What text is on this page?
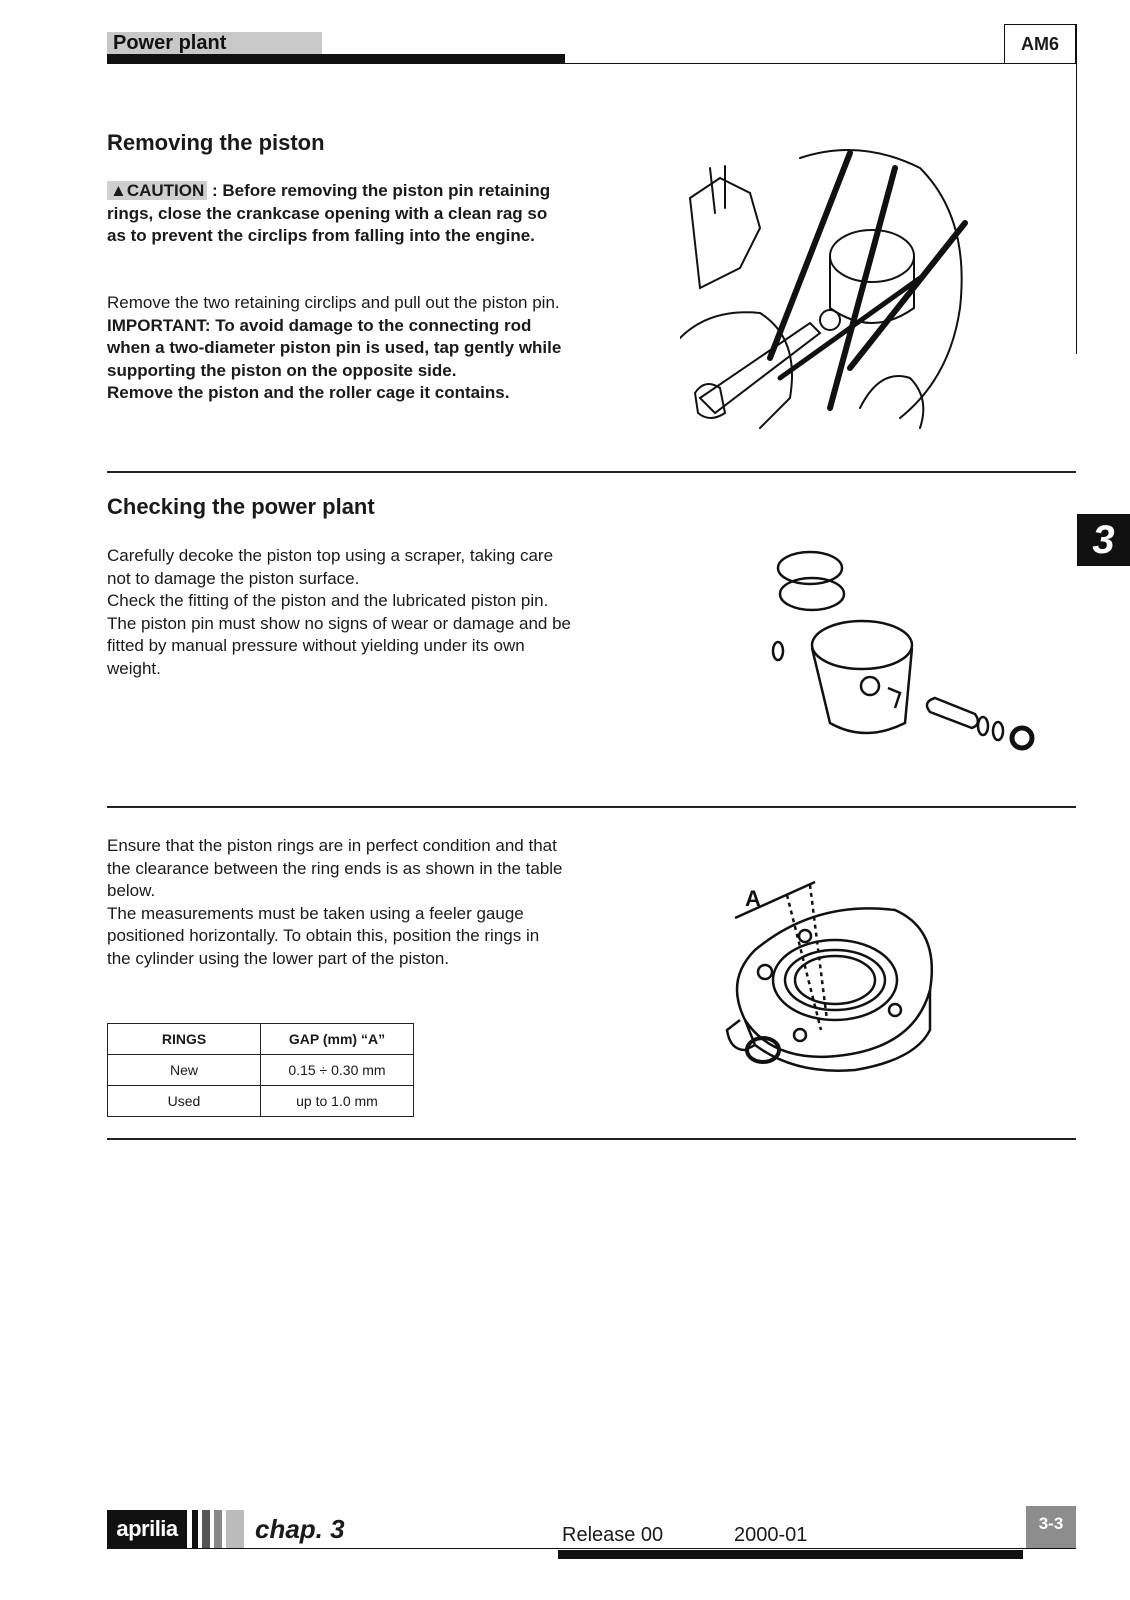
Power plant	AM6
3
Removing the piston

▲CAUTION : Before removing the piston pin retaining rings, close the crankcase opening with a clean rag so as to prevent the circlips from falling into the engine.

Remove the two retaining circlips and pull out the piston pin.

IMPORTANT: To avoid damage to the connecting rod when a two-diameter piston pin is used, tap gently while supporting the piston on the opposite side.

Remove the piston and the roller cage it contains.

Checking the power plant

Carefully decoke the piston top using a scraper, taking care not to damage the piston surface.

Check the fitting of the piston and the lubricated piston pin. The piston pin must show no signs of wear or damage and be fitted by manual pressure without yielding under its own weight.

Ensure that the piston rings are in perfect condition and that the clearance between the ring ends is as shown in the table below.

The measurements must be taken using a feeler gauge positioned horizontally. To obtain this, position the rings in the cylinder using the lower part of the piston.

RINGS	GAP (mm) “A”
New	0.15 ÷ 0.30 mm
Used	up to 1.0 mm
A
aprilia	chap. 3	Release 00	2000-01
3-3
